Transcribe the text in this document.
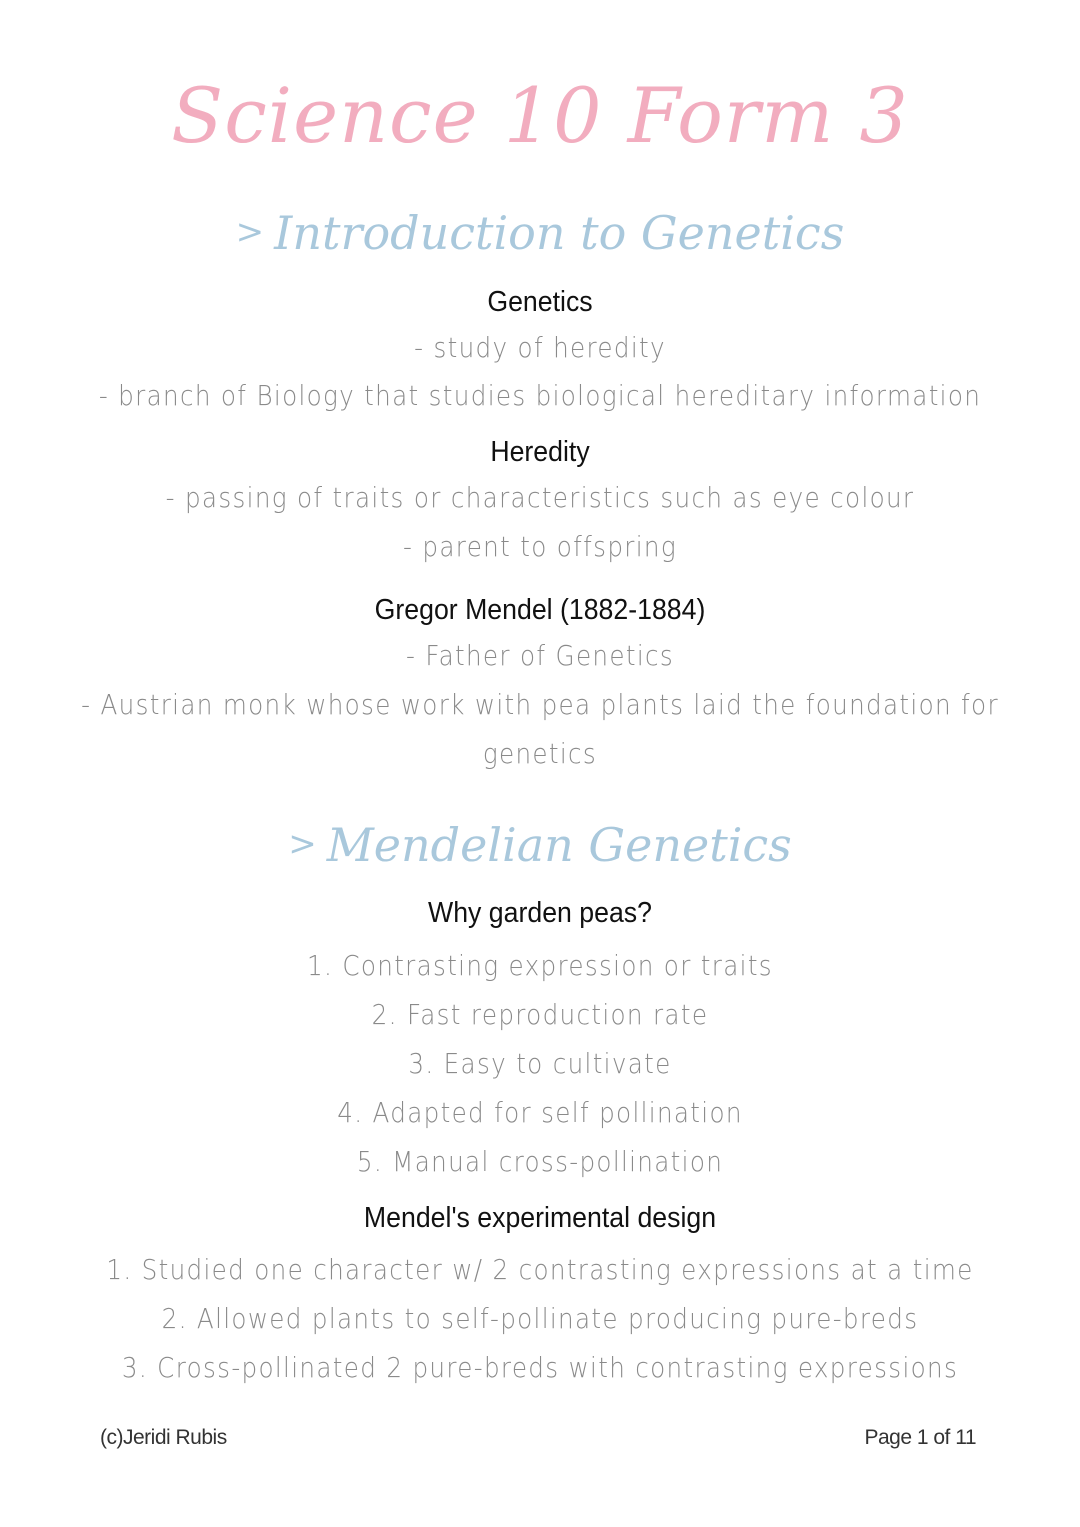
Science 10 Form 3
> Introduction to Genetics
Genetics
- study of heredity
- branch of Biology that studies biological hereditary information
Heredity
- passing of traits or characteristics such as eye colour
- parent to offspring
Gregor Mendel (1882-1884)
- Father of Genetics
- Austrian monk whose work with pea plants laid the foundation for
genetics
> Mendelian Genetics
Why garden peas?
1. Contrasting expression or traits
2. Fast reproduction rate
3. Easy to cultivate
4. Adapted for self pollination
5. Manual cross-pollination
Mendel's experimental design
1. Studied one character w/ 2 contrasting expressions at a time
2. Allowed plants to self-pollinate producing pure-breds
3. Cross-pollinated 2 pure-breds with contrasting expressions
(c)Jeridi Rubis	Page 1 of 11
